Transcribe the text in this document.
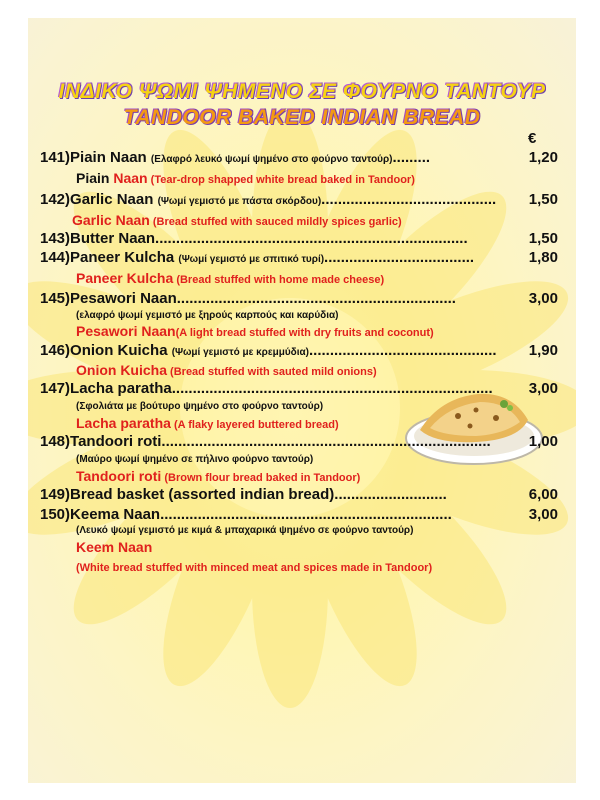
ΙΝΔΙΚΟ ΨΩΜΙ ΨΗΜΕΝΟ ΣΕ ΦΟΥΡΝΟ ΤΑΝΤΟΥΡ
TANDOOR BAKED INDIAN BREAD
€
141)Piain Naan (Ελαφρό λευκό ψωμί ψημένο στο φούρνο ταντούρ).........	1,20
Piain Naan (Tear-drop shapped white bread baked in Tandoor)
142)Garlic Naan (Ψωμί γεμιστό με πάστα σκόρδου)..........................................	1,50
Garlic Naan (Bread stuffed with sauced mildly spices garlic)
143)Butter Naan...........................................................................	1,50
144)Paneer Kulcha (Ψωμί γεμιστό με σπιτικό τυρί)....................................	1,80
Paneer Kulcha (Bread stuffed with home made cheese)
145)Pesawori Naan...................................................................	3,00
(ελαφρό ψωμί γεμιστό με ξηρούς καρπούς και καρύδια)
Pesawori Naan(A light bread stuffed with dry fruits and coconut)
146)Onion Kuicha (Ψωμί γεμιστό με κρεμμύδια).............................................	1,90
Onion Kuicha (Bread stuffed with sauted mild onions)
147)Lacha paratha.............................................................................	3,00
(Σφολιάτα με βούτυρο ψημένο στο φούρνο ταντούρ)
Lacha paratha (A flaky layered buttered bread)
148)Tandoori roti...............................................................................	1,00
(Μαύρο ψωμί ψημένο σε πήλινο φούρνο ταντούρ)
Tandoori roti (Brown flour bread baked in Tandoor)
149)Bread basket (assorted indian bread)...........................	6,00
150)Keema Naan......................................................................	3,00
(Λευκό ψωμί γεμιστό με κιμά & μπαχαρικά ψημένο σε φούρνο ταντούρ)
Keem Naan
(White bread stuffed with minced meat and spices made in Tandoor)
